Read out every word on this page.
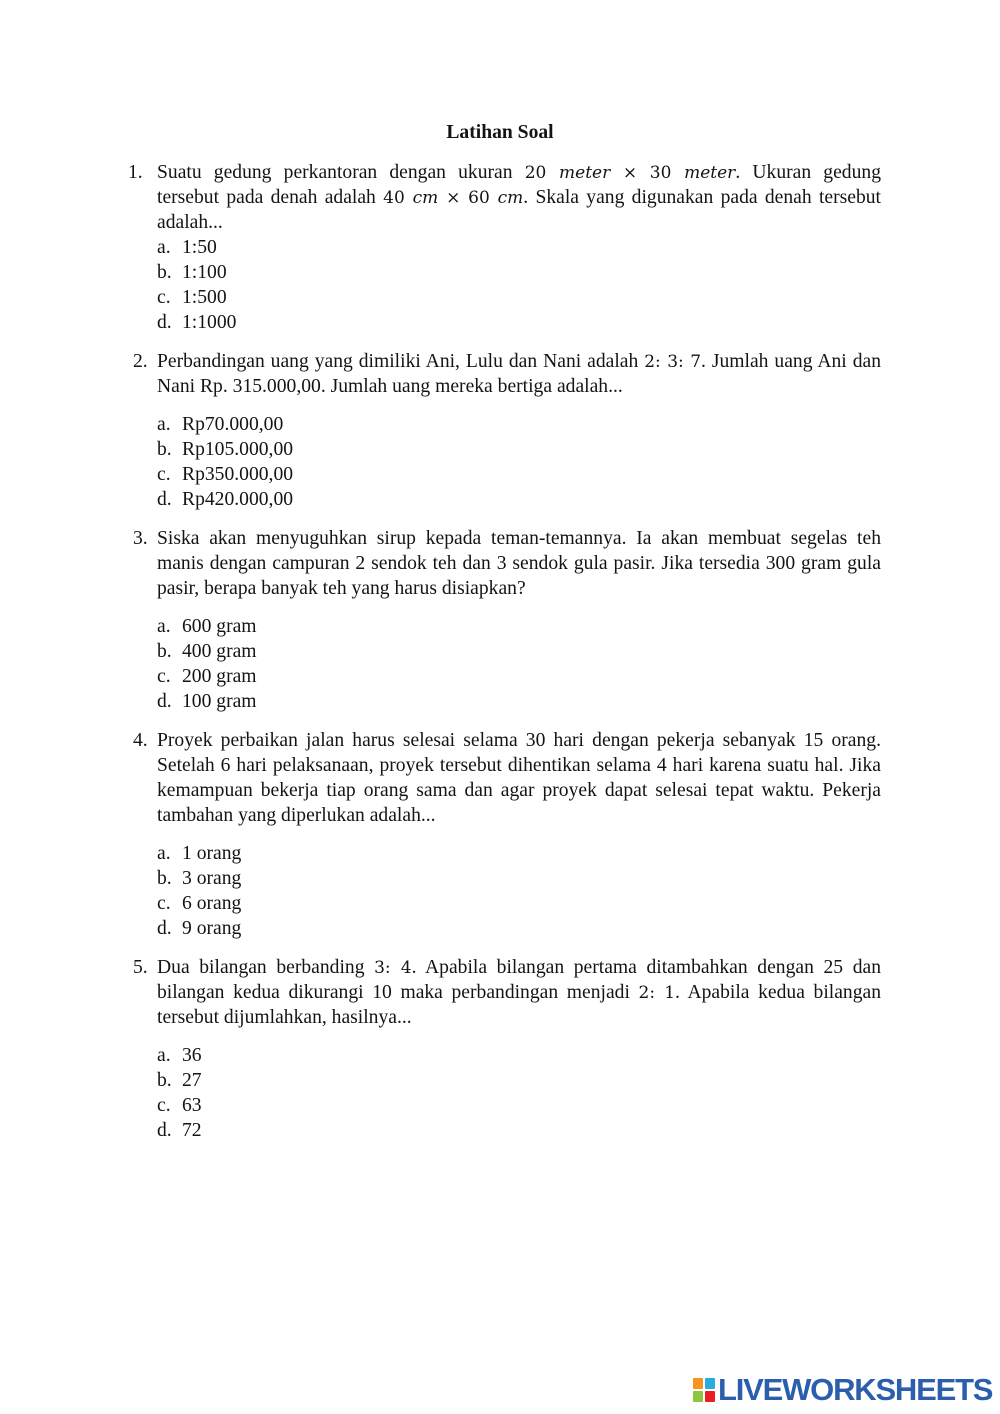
Latihan Soal
1. Suatu gedung perkantoran dengan ukuran 20 meter × 30 meter. Ukuran gedung
tersebut pada denah adalah 40 cm × 60 cm. Skala yang digunakan pada denah tersebut
adalah...
a. 1:50
b. 1:100
c. 1:500
d. 1:1000
2. Perbandingan uang yang dimiliki Ani, Lulu dan Nani adalah 2: 3: 7. Jumlah uang Ani dan
Nani Rp. 315.000,00. Jumlah uang mereka bertiga adalah...
a. Rp70.000,00
b. Rp105.000,00
c. Rp350.000,00
d. Rp420.000,00
3. Siska akan menyuguhkan sirup kepada teman-temannya. Ia akan membuat segelas teh
manis dengan campuran 2 sendok teh dan 3 sendok gula pasir. Jika tersedia 300 gram gula
pasir, berapa banyak teh yang harus disiapkan?
a. 600 gram
b. 400 gram
c. 200 gram
d. 100 gram
4. Proyek perbaikan jalan harus selesai selama 30 hari dengan pekerja sebanyak 15 orang.
Setelah 6 hari pelaksanaan, proyek tersebut dihentikan selama 4 hari karena suatu hal. Jika
kemampuan bekerja tiap orang sama dan agar proyek dapat selesai tepat waktu. Pekerja
tambahan yang diperlukan adalah...
a. 1 orang
b. 3 orang
c. 6 orang
d. 9 orang
5. Dua bilangan berbanding 3: 4. Apabila bilangan pertama ditambahkan dengan 25 dan
bilangan kedua dikurangi 10 maka perbandingan menjadi 2: 1. Apabila kedua bilangan
tersebut dijumlahkan, hasilnya...
a. 36
b. 27
c. 63
d. 72
LIVEWORKSHEETS
